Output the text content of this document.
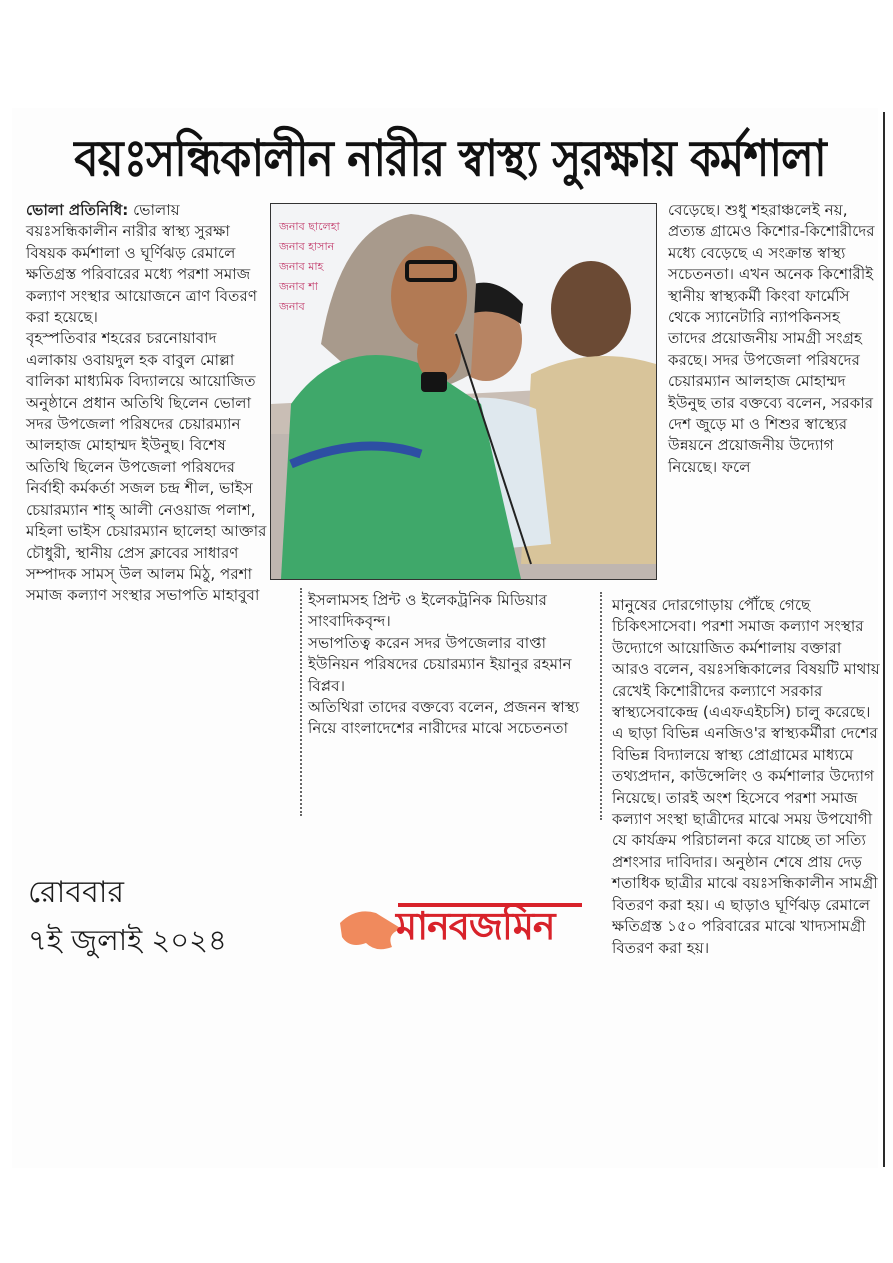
বয়ঃসন্ধিকালীন নারীর স্বাস্থ্য সুরক্ষায় কর্মশালা

ভোলা প্রতিনিধি: ভোলায় বয়ঃসন্ধিকালীন নারীর স্বাস্থ্য সুরক্ষা বিষয়ক কর্মশালা ও ঘূর্ণিঝড় রেমালে ক্ষতিগ্রস্ত পরিবারের মধ্যে পরশা সমাজ কল্যাণ সংস্থার আয়োজনে ত্রাণ বিতরণ করা হয়েছে।

বৃহস্পতিবার শহরের চরনোয়াবাদ এলাকায় ওবায়দুল হক বাবুল মোল্লা বালিকা মাধ্যমিক বিদ্যালয়ে আয়োজিত অনুষ্ঠানে প্রধান অতিথি ছিলেন ভোলা সদর উপজেলা পরিষদের চেয়ারম্যান আলহাজ মোহাম্মদ ইউনুছ। বিশেষ অতিথি ছিলেন উপজেলা পরিষদের নির্বাহী কর্মকর্তা সজল চন্দ্র শীল, ভাইস চেয়ারম্যান শাহ্ আলী নেওয়াজ পলাশ, মহিলা ভাইস চেয়ারম্যান ছালেহা আক্তার চৌধুরী, স্থানীয় প্রেস ক্লাবের সাধারণ সম্পাদক সামস্ উল আলম মিঠু, পরশা সমাজ কল্যাণ সংস্থার সভাপতি মাহাবুবা

জনাব ছালেহা
জনাব হাসান
জনাব মাহ
জনাব শা
জনাব

ইসলামসহ প্রিন্ট ও ইলেকট্রনিক মিডিয়ার সাংবাদিকবৃন্দ।

সভাপতিত্ব করেন সদর উপজেলার বাপ্তা ইউনিয়ন পরিষদের চেয়ারম্যান ইয়ানুর রহমান বিপ্লব।

অতিথিরা তাদের বক্তব্যে বলেন, প্রজনন স্বাস্থ্য নিয়ে বাংলাদেশের নারীদের মাঝে সচেতনতা

বেড়েছে। শুধু শহরাঞ্চলেই নয়, প্রত্যন্ত গ্রামেও কিশোর-কিশোরীদের মধ্যে বেড়েছে এ সংক্রান্ত স্বাস্থ্য সচেতনতা। এখন অনেক কিশোরীই স্থানীয় স্বাস্থ্যকর্মী কিংবা ফার্মেসি থেকে স্যানেটারি ন্যাপকিনসহ তাদের প্রয়োজনীয় সামগ্রী সংগ্রহ করছে। সদর উপজেলা পরিষদের চেয়ারম্যান আলহাজ মোহাম্মদ ইউনুছ তার বক্তব্যে বলেন, সরকার দেশ জুড়ে মা ও শিশুর স্বাস্থ্যের উন্নয়নে প্রয়োজনীয় উদ্যোগ নিয়েছে। ফলে

মানুষের দোরগোড়ায় পৌঁছে গেছে চিকিৎসাসেবা। পরশা সমাজ কল্যাণ সংস্থার উদ্যোগে আয়োজিত কর্মশালায় বক্তারা আরও বলেন, বয়ঃসন্ধিকালের বিষয়টি মাথায় রেখেই কিশোরীদের কল্যাণে সরকার স্বাস্থ্যসেবাকেন্দ্র (এএফএইচসি) চালু করেছে। এ ছাড়া বিভিন্ন এনজিও'র স্বাস্থ্যকর্মীরা দেশের বিভিন্ন বিদ্যালয়ে স্বাস্থ্য প্রোগ্রামের মাধ্যমে তথ্যপ্রদান, কাউন্সেলিং ও কর্মশালার উদ্যোগ নিয়েছে। তারই অংশ হিসেবে পরশা সমাজ কল্যাণ সংস্থা ছাত্রীদের মাঝে সময় উপযোগী যে কার্যক্রম পরিচালনা করে যাচ্ছে তা সত্যি প্রশংসার দাবিদার। অনুষ্ঠান শেষে প্রায় দেড় শতাধিক ছাত্রীর মাঝে বয়ঃসন্ধিকালীন সামগ্রী বিতরণ করা হয়। এ ছাড়াও ঘূর্ণিঝড় রেমালে ক্ষতিগ্রস্ত ১৫০ পরিবারের মাঝে খাদ্যসামগ্রী বিতরণ করা হয়।

রোববার
৭ই জুলাই ২০২৪	মানবজমিন
